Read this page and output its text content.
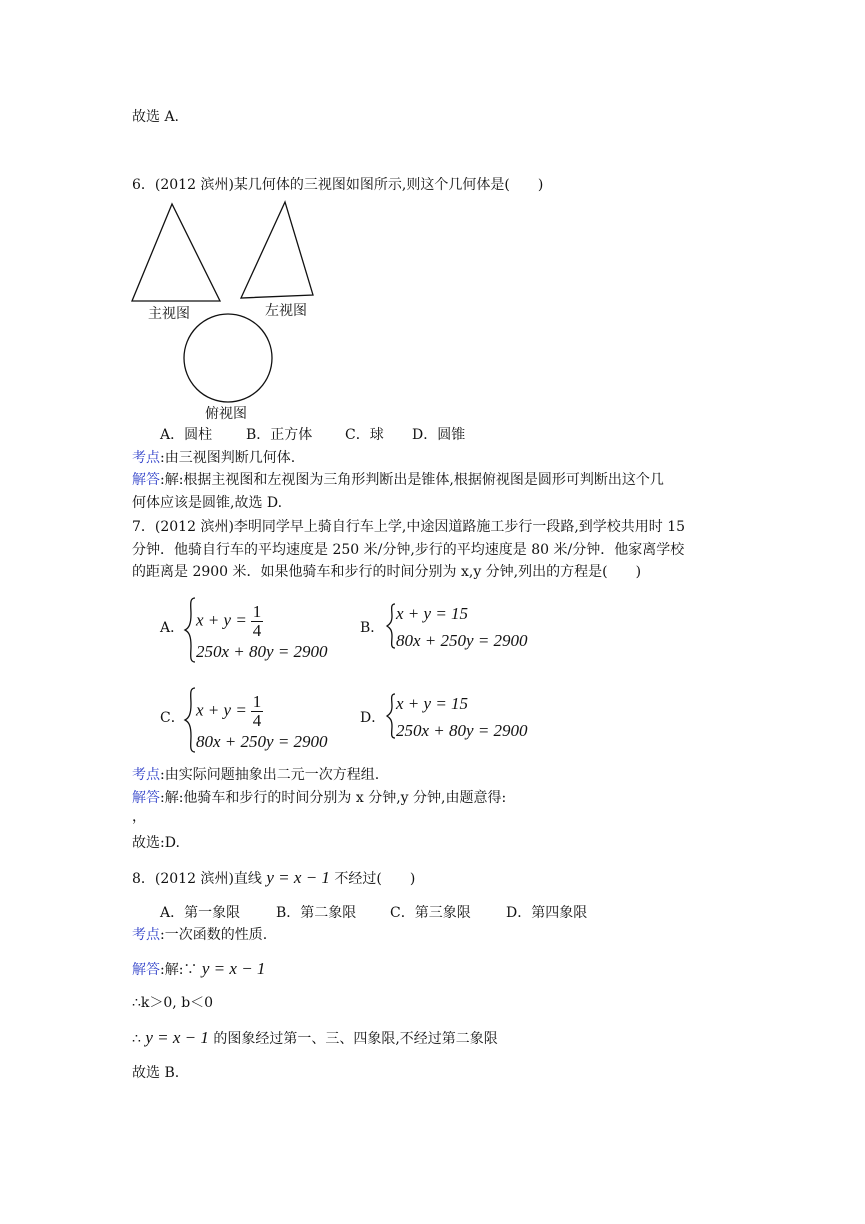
故选 A.
6．(2012 滨州)某几何体的三视图如图所示,则这个几何体是(　　)
主视图	左视图
俯视图
A．圆柱 B．正方体 C．球 D．圆锥
考点:由三视图判断几何体.
解答:解:根据主视图和左视图为三角形判断出是锥体,根据俯视图是圆形可判断出这个几
何体应该是圆锥,故选 D.
7．(2012 滨州)李明同学早上骑自行车上学,中途因道路施工步行一段路,到学校共用时 15
分钟．他骑自行车的平均速度是 250 米/分钟,步行的平均速度是 80 米/分钟．他家离学校
的距离是 2900 米．如果他骑车和步行的时间分别为 x,y 分钟,列出的方程是(　　)
A． $x + y = \frac{1}{4}$
250x + 80y = 2900
B．
x + y = 15
80x + 250y = 2900
C． $x + y = \frac{1}{4}$
80x + 250y = 2900
D．
x + y = 15
250x + 80y = 2900
考点:由实际问题抽象出二元一次方程组.
解答:解:他骑车和步行的时间分别为 x 分钟,y 分钟,由题意得:
，
故选:D.
8．(2012 滨州)直线 y = x − 1 不经过(　　)
A．第一象限	B．第二象限 C．第三象限	D．第四象限
考点:一次函数的性质.
解答:解:∵ y = x − 1
∴k＞0, b＜0
∴ y = x − 1 的图象经过第一、三、四象限,不经过第二象限
故选 B.
